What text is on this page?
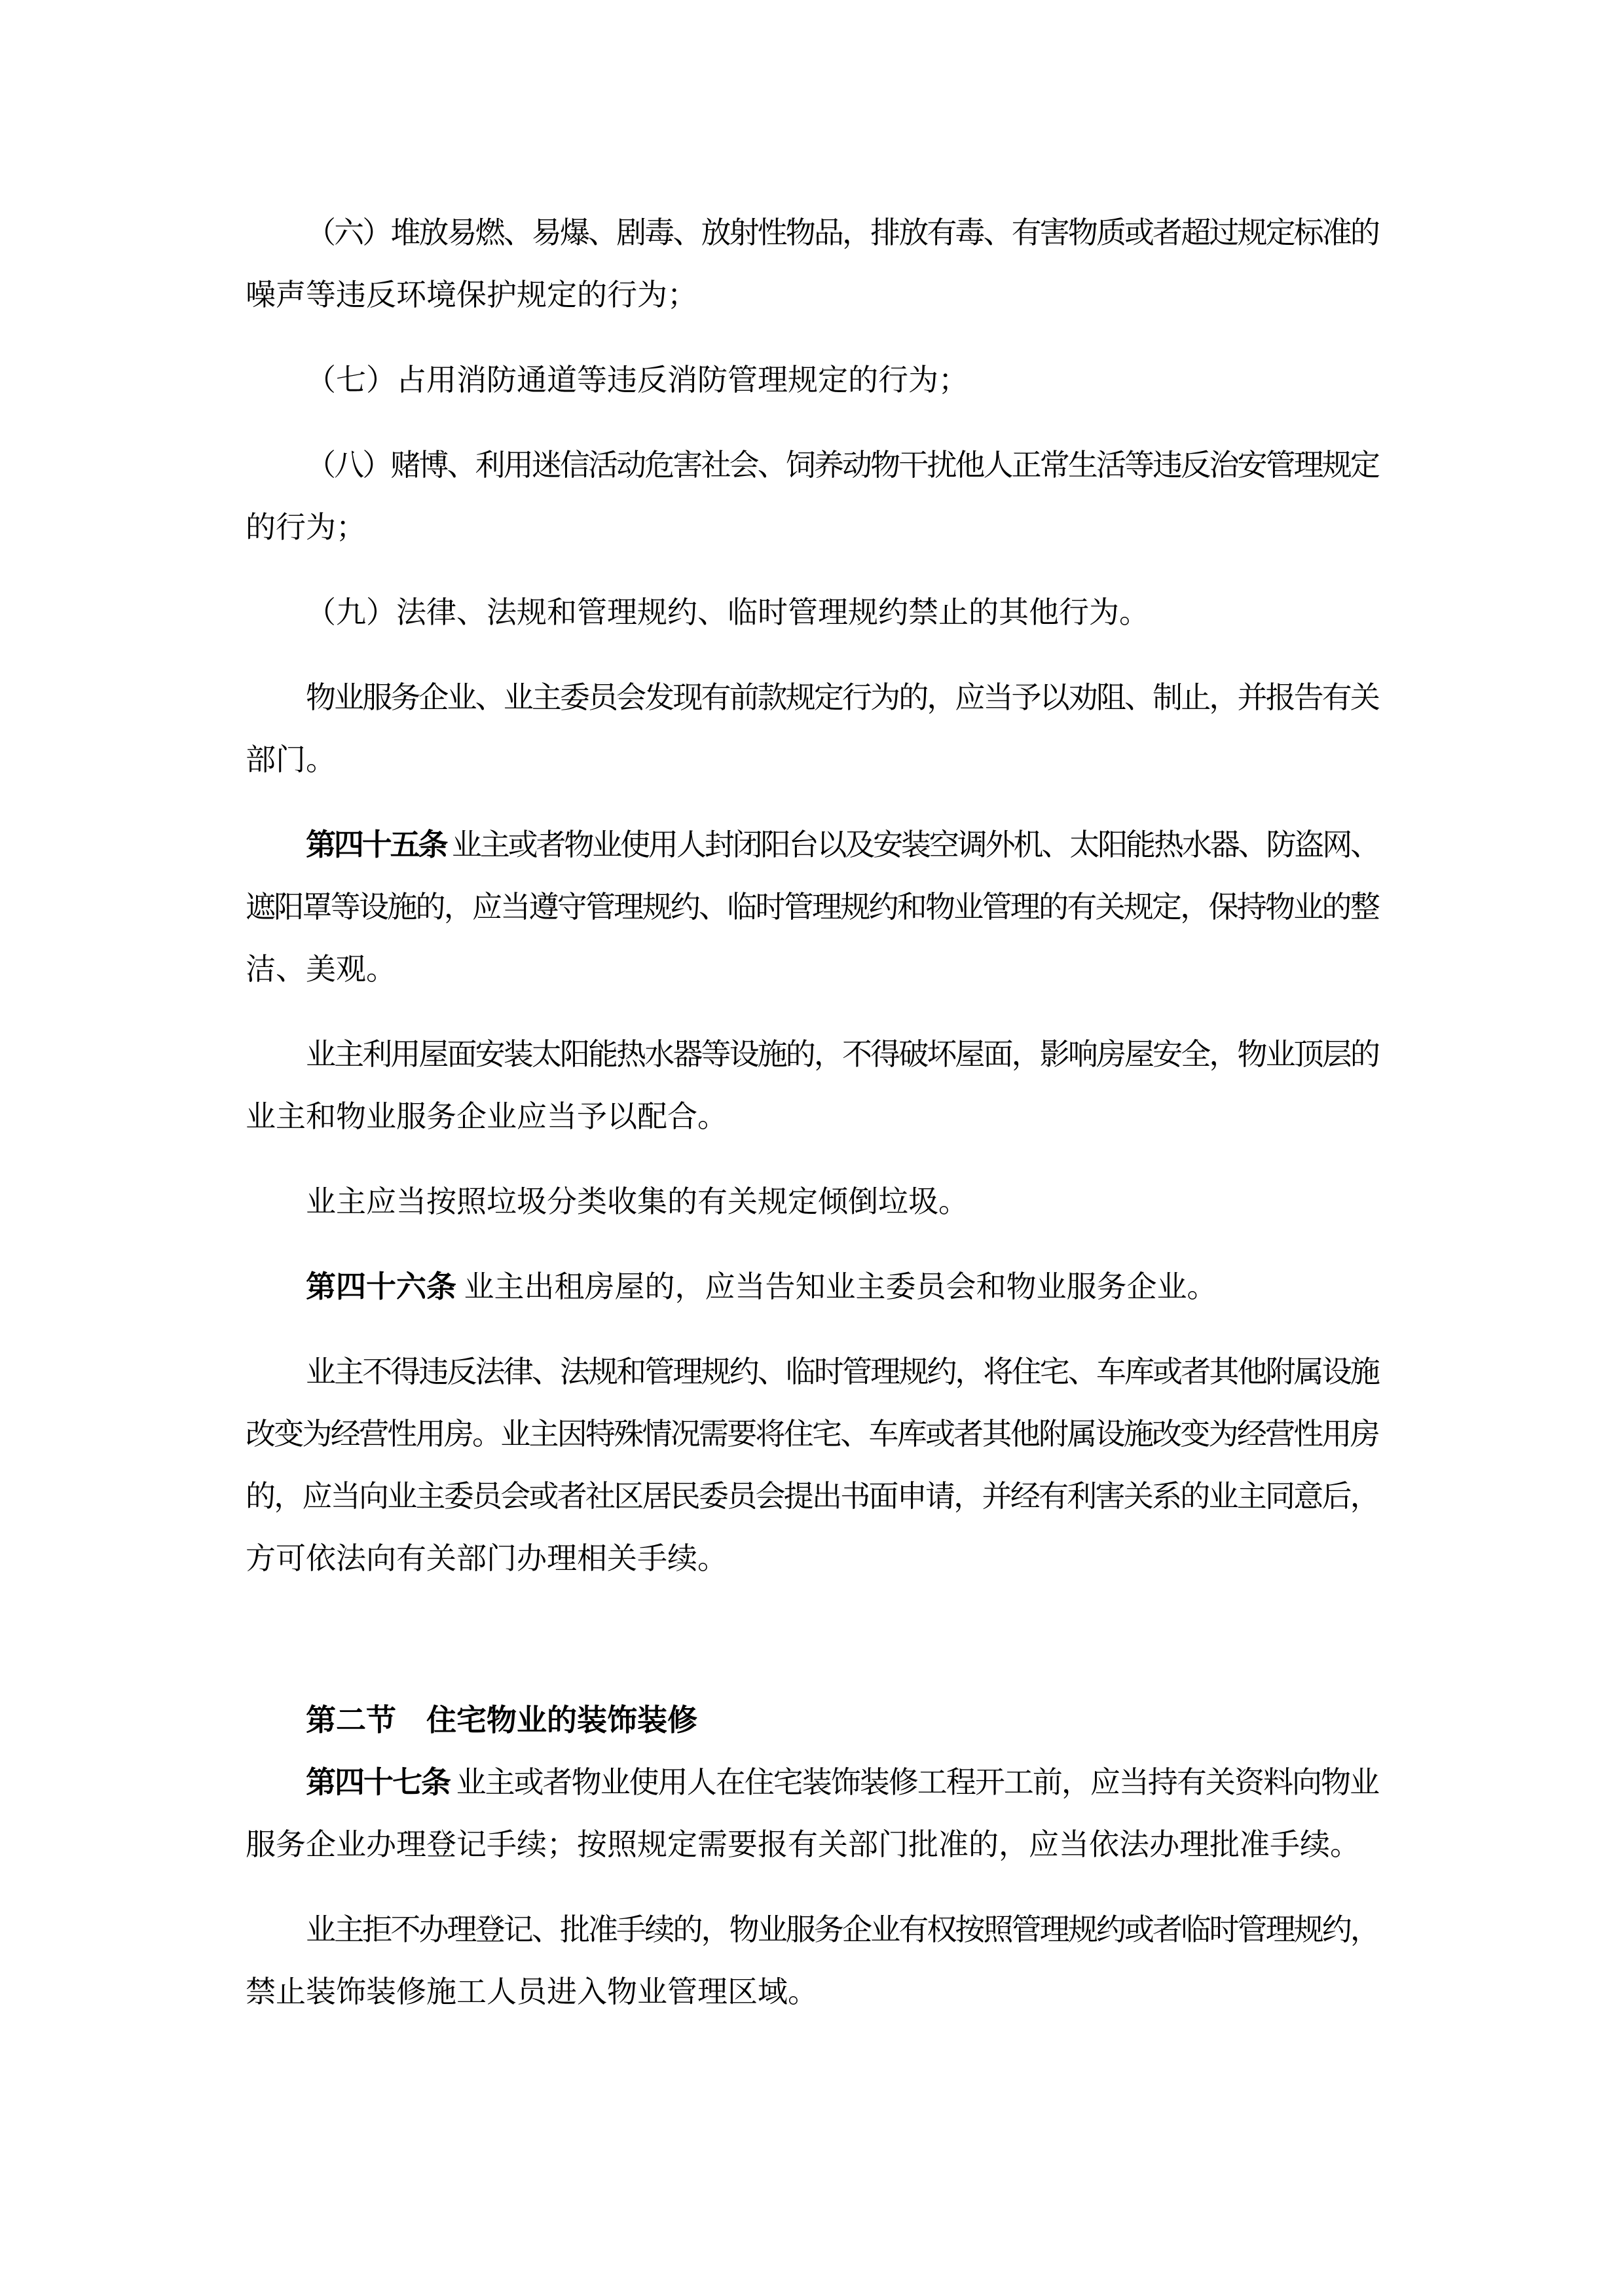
（六）堆放易燃、易爆、剧毒、放射性物品，排放有毒、有害物质或者超过规定标准的
噪声等违反环境保护规定的行为；
（七）占用消防通道等违反消防管理规定的行为；
（八）赌博、利用迷信活动危害社会、饲养动物干扰他人正常生活等违反治安管理规定
的行为；
（九）法律、法规和管理规约、临时管理规约禁止的其他行为。
物业服务企业、业主委员会发现有前款规定行为的，应当予以劝阻、制止，并报告有关
部门。
第四十五条 业主或者物业使用人封闭阳台以及安装空调外机、太阳能热水器、防盗网、
遮阳罩等设施的，应当遵守管理规约、临时管理规约和物业管理的有关规定，保持物业的整
洁、美观。
业主利用屋面安装太阳能热水器等设施的，不得破坏屋面，影响房屋安全，物业顶层的
业主和物业服务企业应当予以配合。
业主应当按照垃圾分类收集的有关规定倾倒垃圾。
第四十六条 业主出租房屋的，应当告知业主委员会和物业服务企业。
业主不得违反法律、法规和管理规约、临时管理规约，将住宅、车库或者其他附属设施
改变为经营性用房。业主因特殊情况需要将住宅、车库或者其他附属设施改变为经营性用房
的，应当向业主委员会或者社区居民委员会提出书面申请，并经有利害关系的业主同意后，
方可依法向有关部门办理相关手续。
第二节　住宅物业的装饰装修
第四十七条 业主或者物业使用人在住宅装饰装修工程开工前，应当持有关资料向物业
服务企业办理登记手续；按照规定需要报有关部门批准的，应当依法办理批准手续。
业主拒不办理登记、批准手续的，物业服务企业有权按照管理规约或者临时管理规约，
禁止装饰装修施工人员进入物业管理区域。
